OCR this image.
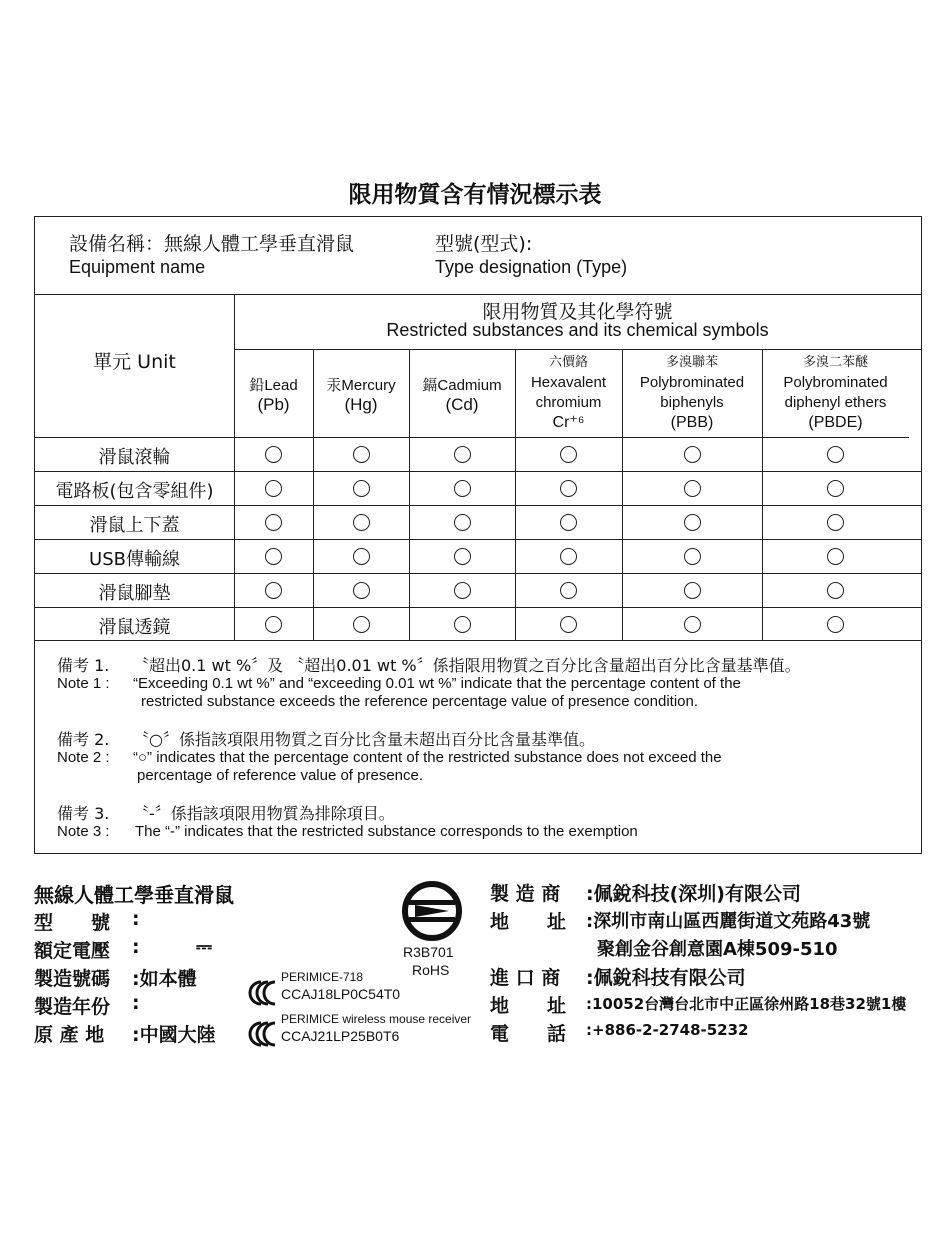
限用物質含有情況標示表
設備名稱：無線人體工學垂直滑鼠
Equipment name
型號(型式):
Type designation (Type)
單元 Unit
限用物質及其化學符號
Restricted substances and its chemical symbols
鉛Lead
(Pb)
汞Mercury
(Hg)
鎘Cadmium
(Cd)
六價鉻
Hexavalent
chromium
Cr⁺⁶
多溴聯苯
Polybrominated
biphenyls
(PBB)
多溴二苯醚
Polybrominated
diphenyl ethers
(PBDE)
滑鼠滾輪
電路板(包含零組件)
滑鼠上下蓋
USB傳輸線
滑鼠腳墊
滑鼠透鏡
備考 1. 〝超出0.1 wt %〞及 〝超出0.01 wt %〞係指限用物質之百分比含量超出百分比含量基準值。
Note 1 : “Exceeding 0.1 wt %” and “exceeding 0.01 wt %” indicate that the percentage content of the
restricted substance exceeds the reference percentage value of presence condition.
備考 2. 〝○〞係指該項限用物質之百分比含量未超出百分比含量基準值。
Note 2 : “○” indicates that the percentage content of the restricted substance does not exceed the
percentage of reference value of presence.
備考 3. 〝-〞係指該項限用物質為排除項目。
Note 3 : The “-” indicates that the restricted substance corresponds to the exemption
無線人體工學垂直滑鼠
型　　號 :
額定電壓 :	⎓
製造號碼 :如本體
製造年份 :
原 產 地 :中國大陸
R3B701
RoHS
PERIMICE-718
CCAJ18LP0C54T0
PERIMICE wireless mouse receiver
CCAJ21LP25B0T6
製 造 商 :佩銳科技(深圳)有限公司
地　　址 :深圳市南山區西麗街道文苑路43號
聚創金谷創意園A棟509-510
進 口 商 :佩銳科技有限公司
地　　址 :10052台灣台北市中正區徐州路18巷32號1樓
電　　話 :+886-2-2748-5232
